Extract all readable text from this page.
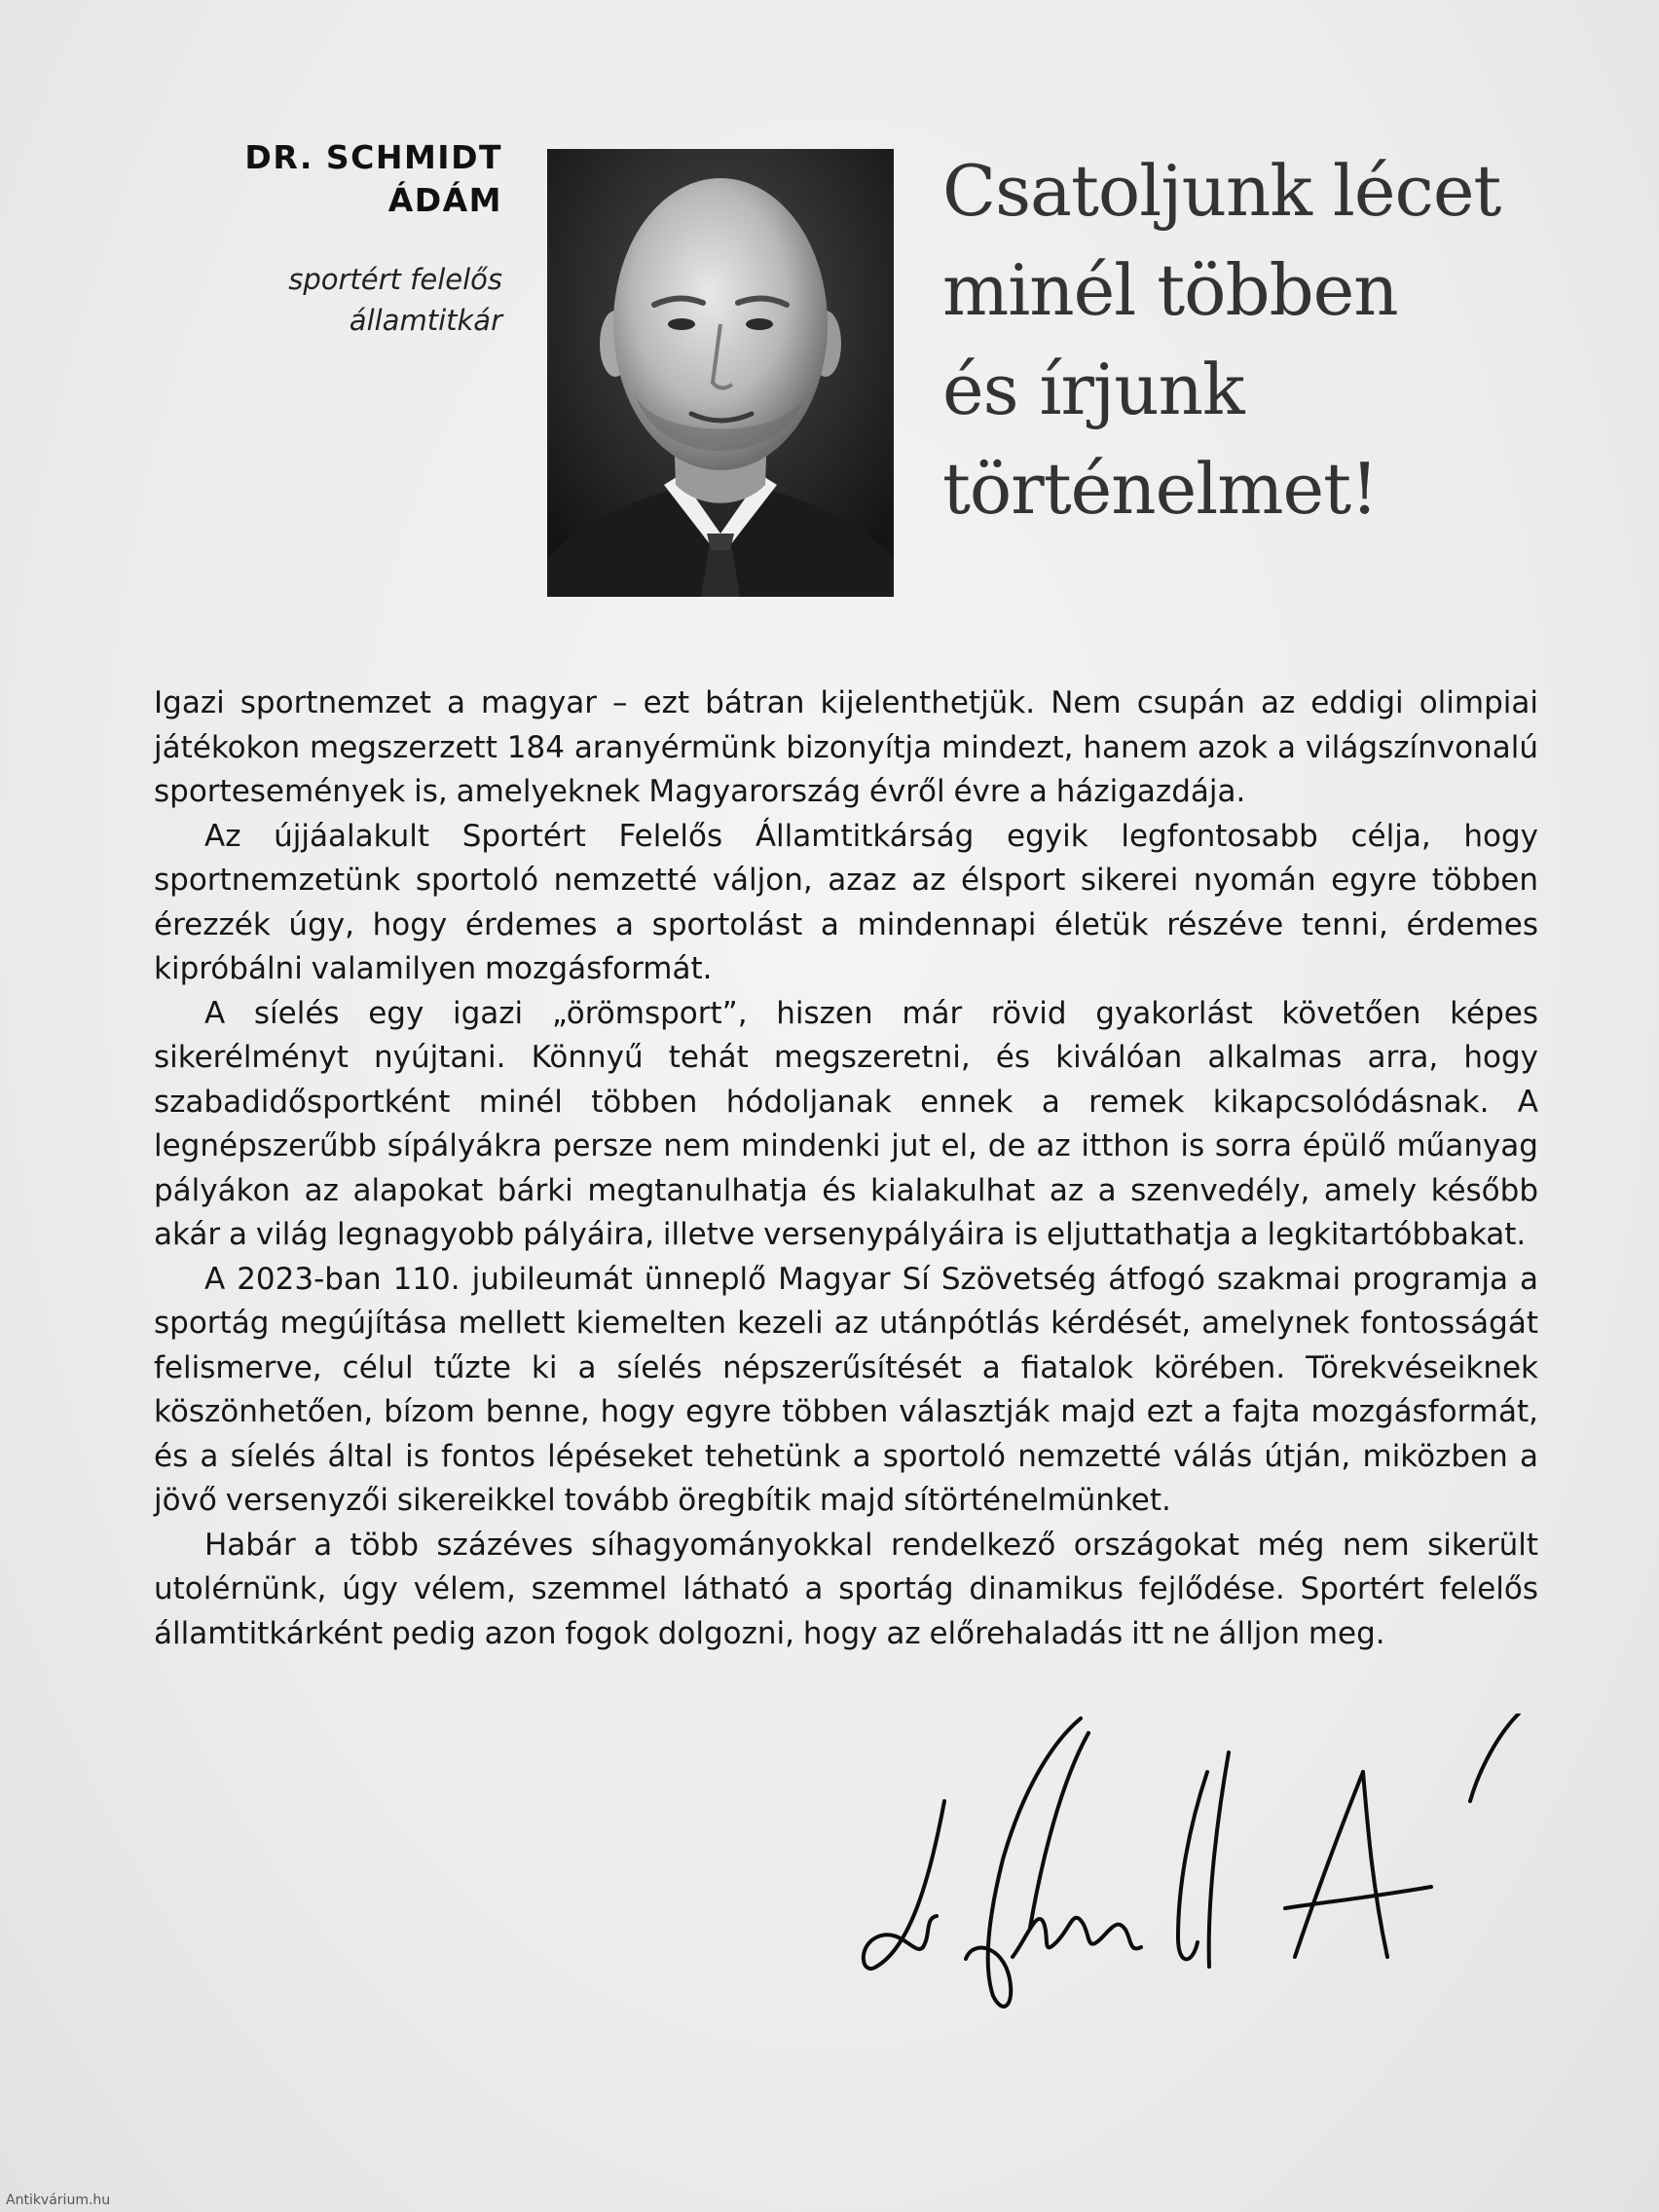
DR. SCHMIDT
ÁDÁM
sportért felelős
államtitkár
Csatoljunk lécet
minél többen
és írjunk
történelmet!

Igazi sportnemzet a magyar – ezt bátran kijelenthetjük. Nem csupán az eddigi olimpiai játékokon megszerzett 184 aranyérmünk bizonyítja mindezt, hanem azok a világszínvonalú sportesemények is, amelyeknek Magyarország évről évre a házigazdája.

Az újjáalakult Sportért Felelős Államtitkárság egyik legfontosabb célja, hogy sportnemzetünk sportoló nemzetté váljon, azaz az élsport sikerei nyomán egyre többen érezzék úgy, hogy érdemes a sportolást a mindennapi életük részéve tenni, érdemes kipróbálni valamilyen mozgásformát.

A síelés egy igazi „örömsport”, hiszen már rövid gyakorlást követően képes sikerélményt nyújtani. Könnyű tehát megszeretni, és kiválóan alkalmas arra, hogy szabadidősportként minél többen hódoljanak ennek a remek kikapcsolódásnak. A legnépszerűbb sípályákra persze nem mindenki jut el, de az itthon is sorra épülő műanyag pályákon az alapokat bárki megtanulhatja és kialakulhat az a szenvedély, amely később akár a világ legnagyobb pályáira, illetve versenypályáira is eljuttathatja a legkitartóbbakat.

A 2023-ban 110. jubileumát ünneplő Magyar Sí Szövetség átfogó szakmai programja a sportág megújítása mellett kiemelten kezeli az utánpótlás kérdését, amelynek fontosságát felismerve, célul tűzte ki a síelés népszerűsítését a fiatalok körében. Törekvéseiknek köszönhetően, bízom benne, hogy egyre többen választják majd ezt a fajta mozgásformát, és a síelés által is fontos lépéseket tehetünk a sportoló nemzetté válás útján, miközben a jövő versenyzői sikereikkel tovább öregbítik majd sítörténelmünket.

Habár a több százéves síhagyományokkal rendelkező országokat még nem sikerült utolérnünk, úgy vélem, szemmel látható a sportág dinamikus fejlődése. Sportért felelős államtitkárként pedig azon fogok dolgozni, hogy az előrehaladás itt ne álljon meg.

Antikvárium.hu
